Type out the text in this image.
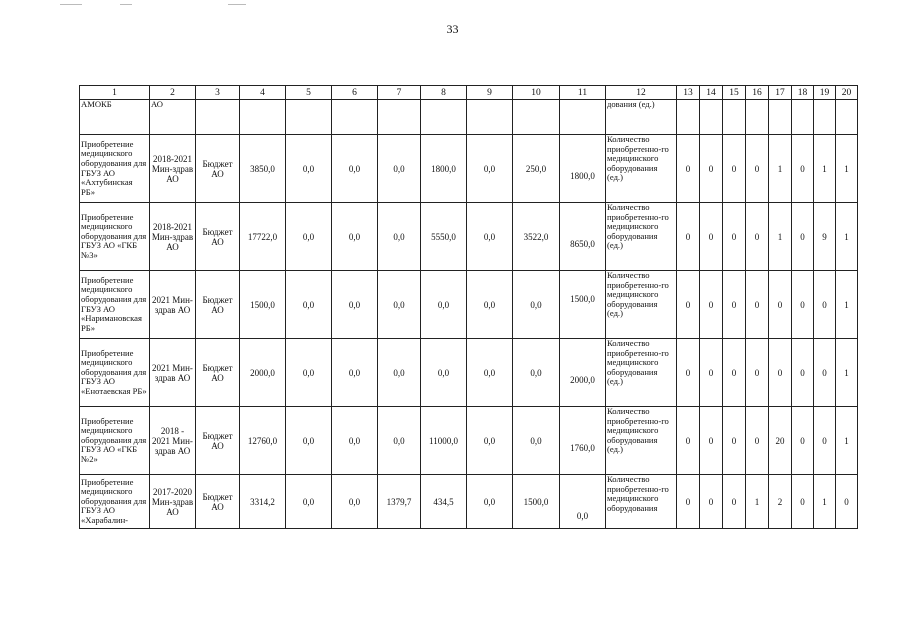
33
1	2	3	4	5	6	7	8	9	10	11	12	13	14	15	16	17	18	19	20
АМОКБ	АО										дования (ед.)								
Приобретение медицинского оборудования для ГБУЗ АО «Ахтубинская РБ»	2018-2021 Мин-здрав АО	Бюджет АО	3850,0	0,0	0,0	0,0	1800,0	0,0	250,0	1800,0	Количество приобретенно-го медицинского оборудования (ед.)	0	0	0	0	1	0	1	1
Приобретение медицинского оборудования для ГБУЗ АО «ГКБ №3»	2018-2021 Мин-здрав АО	Бюджет АО	17722,0	0,0	0,0	0,0	5550,0	0,0	3522,0	8650,0	Количество приобретенно-го медицинского оборудования (ед.)	0	0	0	0	1	0	9	1
Приобретение медицинского оборудования для ГБУЗ АО «Наримановская РБ»	2021 Мин-здрав АО	Бюджет АО	1500,0	0,0	0,0	0,0	0,0	0,0	0,0	1500,0	Количество приобретенно-го медицинского оборудования (ед.)	0	0	0	0	0	0	0	1
Приобретение медицинского оборудования для ГБУЗ АО «Енотаевская РБ»	2021 Мин-здрав АО	Бюджет АО	2000,0	0,0	0,0	0,0	0,0	0,0	0,0	2000,0	Количество приобретенно-го медицинского оборудования (ед.)	0	0	0	0	0	0	0	1
Приобретение медицинского оборудования для ГБУЗ АО «ГКБ №2»	2018 - 2021 Мин-здрав АО	Бюджет АО	12760,0	0,0	0,0	0,0	11000,0	0,0	0,0	1760,0	Количество приобретенно-го медицинского оборудования (ед.)	0	0	0	0	20	0	0	1
Приобретение медицинского оборудования для ГБУЗ АО «Харабалин-	2017-2020 Мин-здрав АО	Бюджет АО	3314,2	0,0	0,0	1379,7	434,5	0,0	1500,0	0,0	Количество приобретенно-го медицинского оборудования	0	0	0	1	2	0	1	0
